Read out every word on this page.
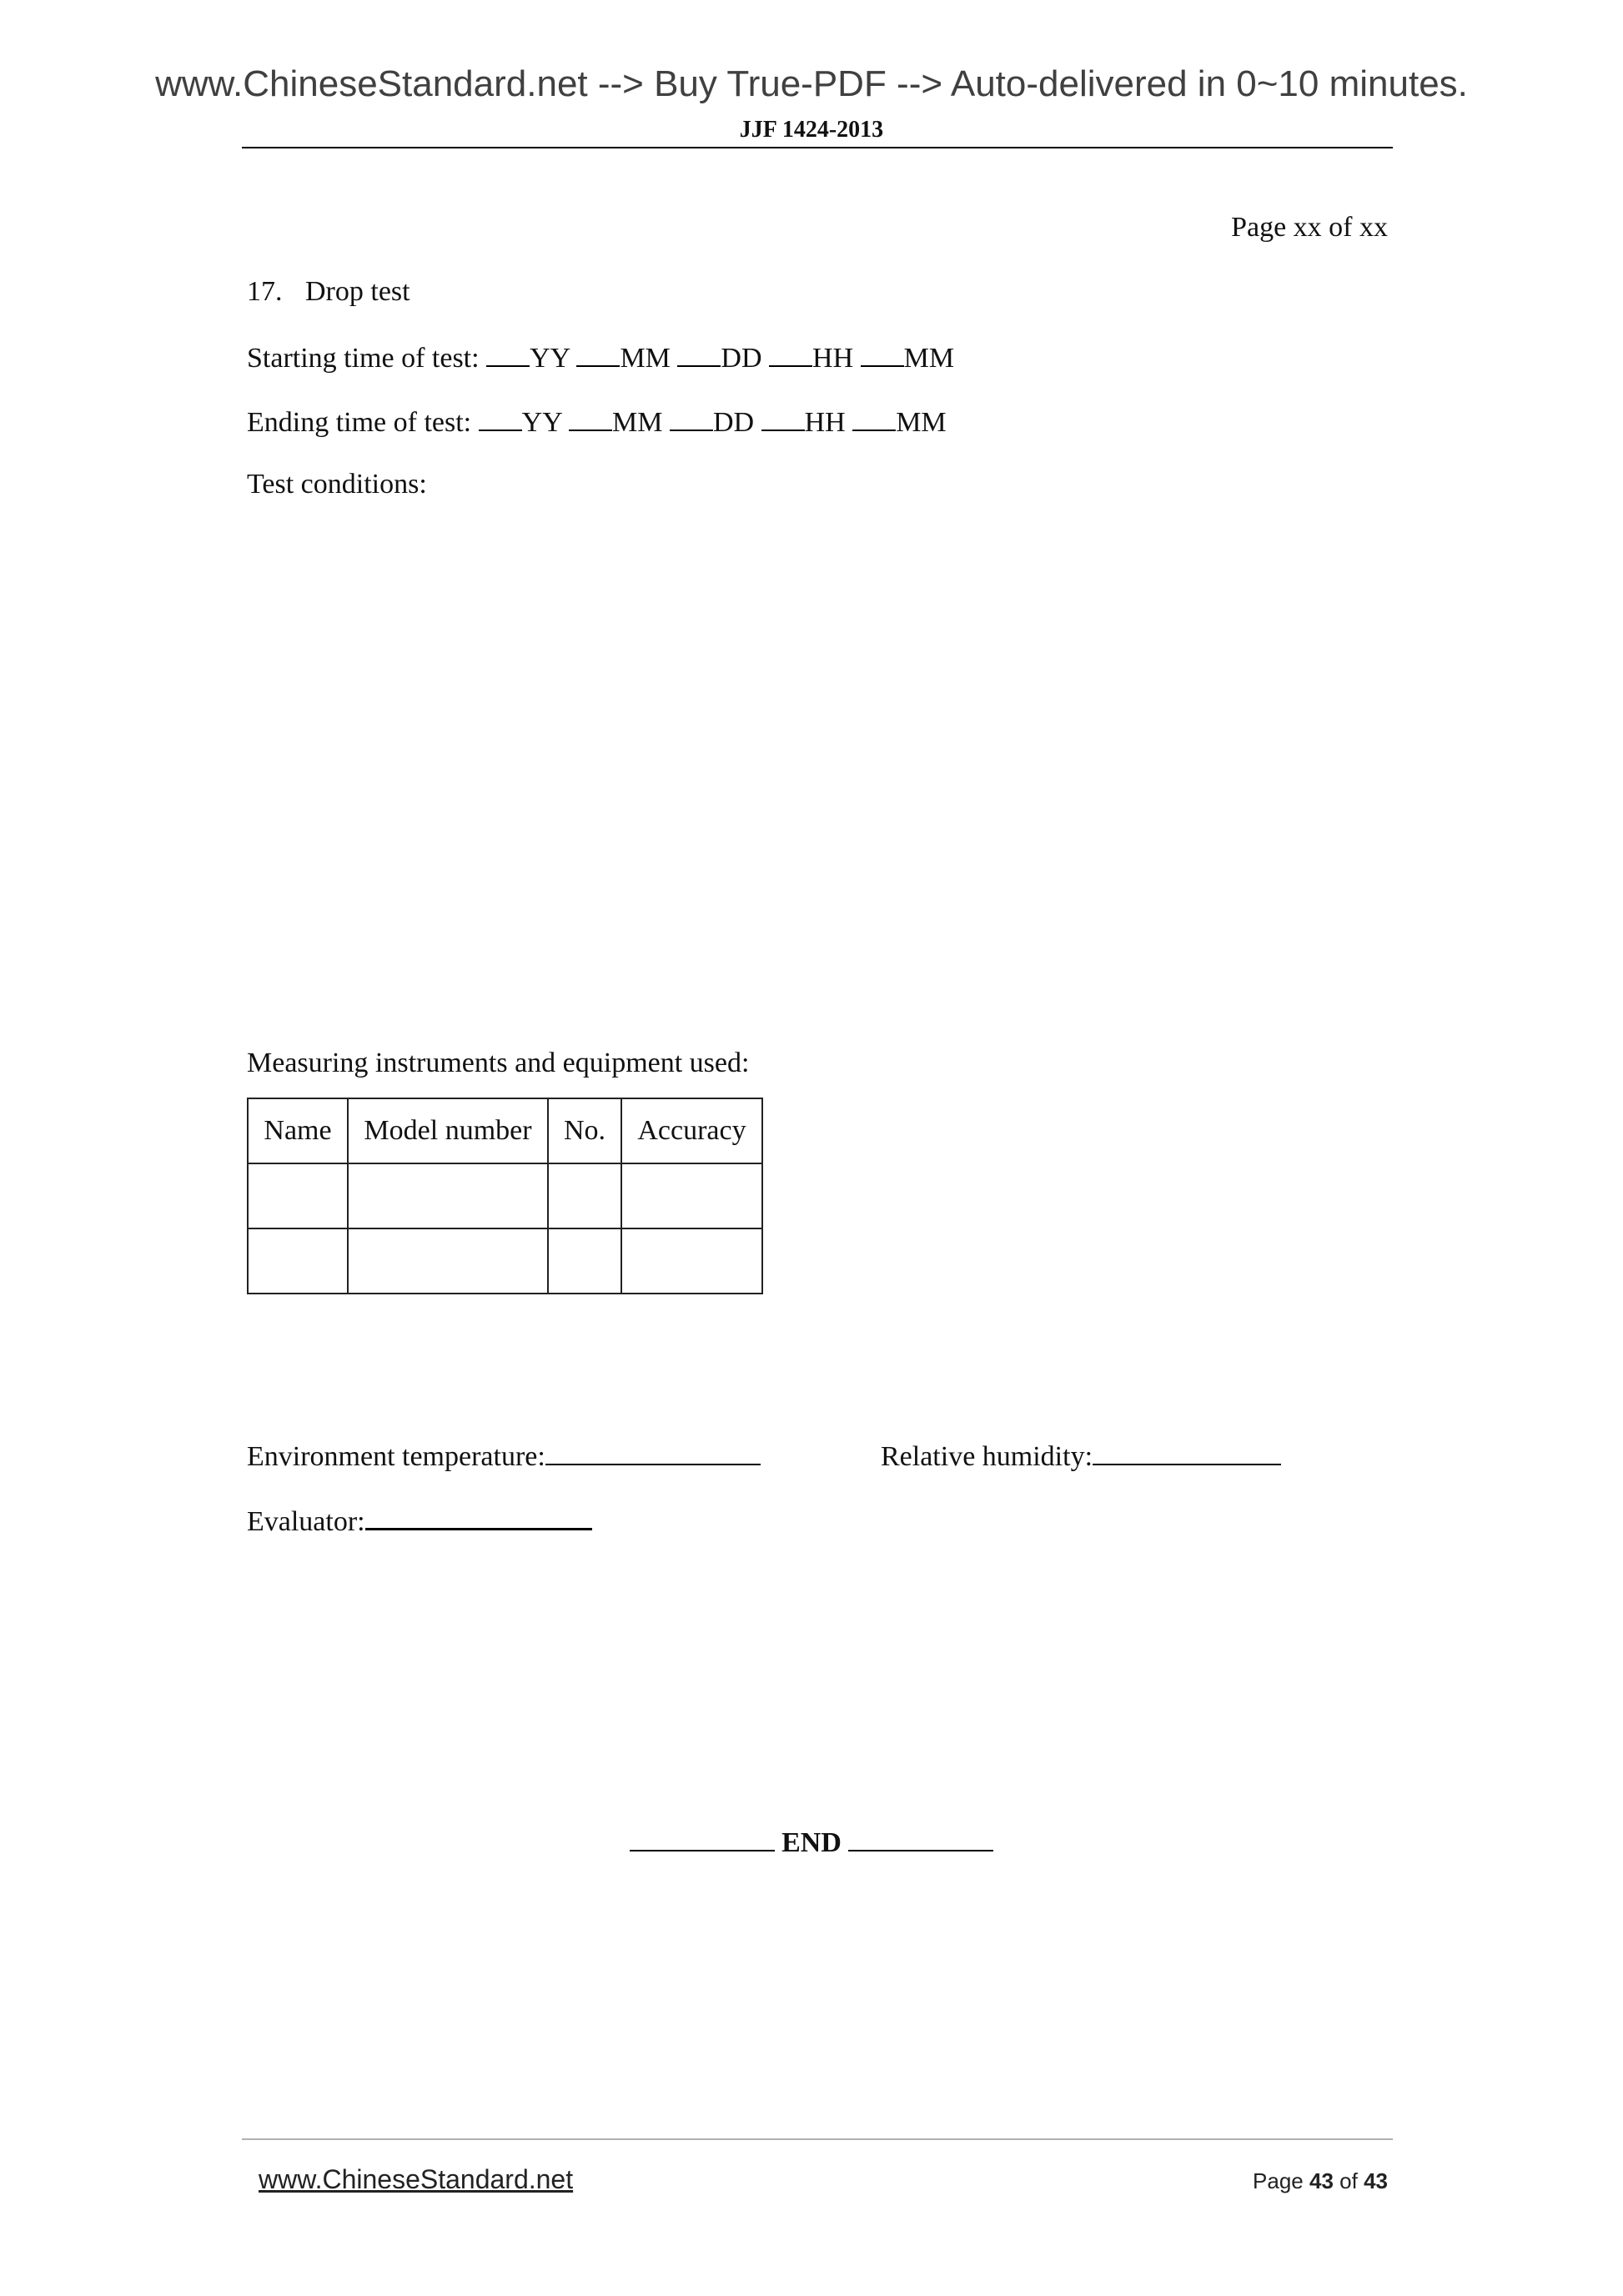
www.ChineseStandard.net --> Buy True-PDF --> Auto-delivered in 0~10 minutes.
JJF 1424-2013
Page xx of xx
17. Drop test
Starting time of test: YY MM DD HH MM
Ending time of test: YY MM DD HH MM
Test conditions:
Measuring instruments and equipment used:
Name	Model number	No.	Accuracy

Environment temperature:	Relative humidity:
Evaluator:
END
www.ChineseStandard.net	Page 43 of 43
